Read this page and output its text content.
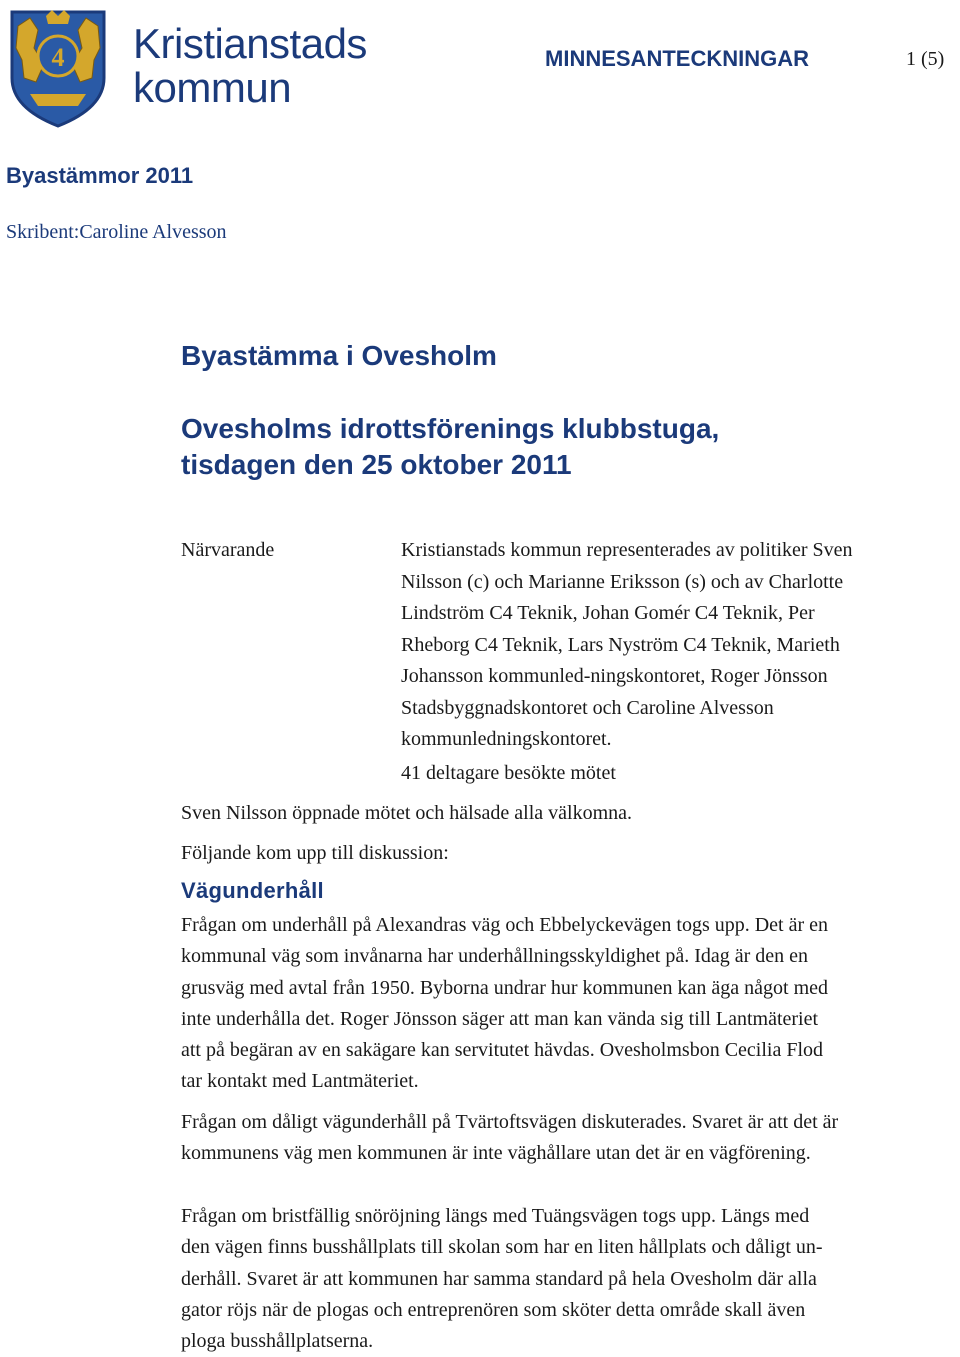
4 Kristianstads
kommun
MINNESANTECKNINGAR	1 (5)
Byastämmor 2011
Skribent:Caroline Alvesson
Byastämma i Ovesholm
Ovesholms idrottsförenings klubbstuga,
tisdagen den 25 oktober 2011
Närvarande	Kristianstads kommun representerades av politiker Sven
Nilsson (c) och Marianne Eriksson (s) och av Charlotte
Lindström C4 Teknik, Johan Gomér C4 Teknik, Per
Rheborg C4 Teknik, Lars Nyström C4 Teknik, Marieth
Johansson kommunled-ningskontoret, Roger Jönsson
Stadsbyggnadskontoret och Caroline Alvesson
kommunledningskontoret.
41 deltagare besökte mötet
Sven Nilsson öppnade mötet och hälsade alla välkomna.
Följande kom upp till diskussion:
Vägunderhåll
Frågan om underhåll på Alexandras väg och Ebbelyckevägen togs upp. Det är en
kommunal väg som invånarna har underhållningsskyldighet på. Idag är den en
grusväg med avtal från 1950. Byborna undrar hur kommunen kan äga något med
inte underhålla det. Roger Jönsson säger att man kan vända sig till Lantmäteriet
att på begäran av en sakägare kan servitutet hävdas. Ovesholmsbon Cecilia Flod
tar kontakt med Lantmäteriet.
Frågan om dåligt vägunderhåll på Tvärtoftsvägen diskuterades. Svaret är att det är
kommunens väg men kommunen är inte väghållare utan det är en vägförening.
Frågan om bristfällig snöröjning längs med Tuängsvägen togs upp. Längs med
den vägen finns busshållplats till skolan som har en liten hållplats och dåligt un-
derhåll. Svaret är att kommunen har samma standard på hela Ovesholm där alla
gator röjs när de plogas och entreprenören som sköter detta område skall även
ploga busshållplatserna.
